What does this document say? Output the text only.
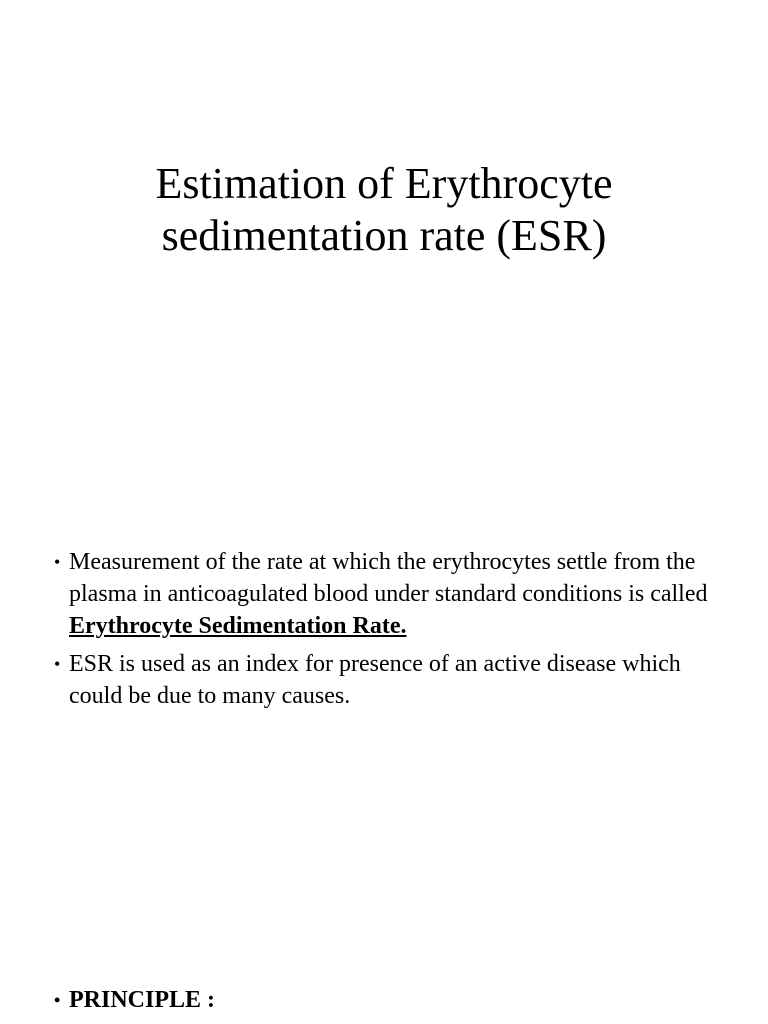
Estimation of Erythrocyte
sedimentation rate (ESR)
• Measurement of the rate at which the erythrocytes settle from the plasma in anticoagulated blood under standard conditions is called Erythrocyte Sedimentation Rate.
• ESR is used as an index for presence of an active disease which could be due to many causes.
• PRINCIPLE :
